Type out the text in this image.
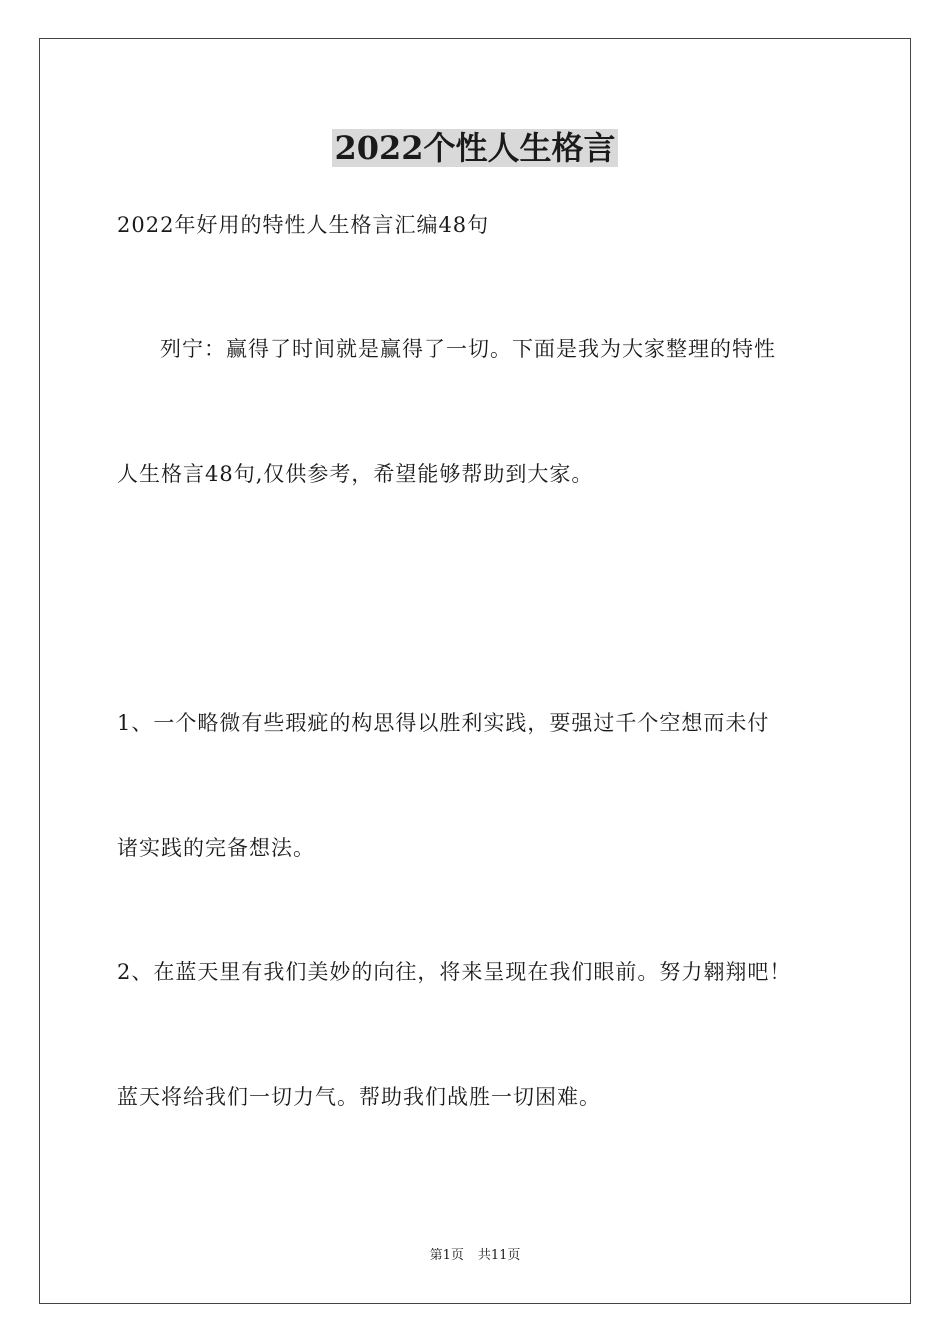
2022个性人生格言
2022年好用的特性人生格言汇编48句
列宁：赢得了时间就是赢得了一切。下面是我为大家整理的特性
人生格言48句,仅供参考，希望能够帮助到大家。
1、一个略微有些瑕疵的构思得以胜利实践，要强过千个空想而未付
诸实践的完备想法。
2、在蓝天里有我们美妙的向往，将来呈现在我们眼前。努力翱翔吧！
蓝天将给我们一切力气。帮助我们战胜一切困难。
第1页 共11页
